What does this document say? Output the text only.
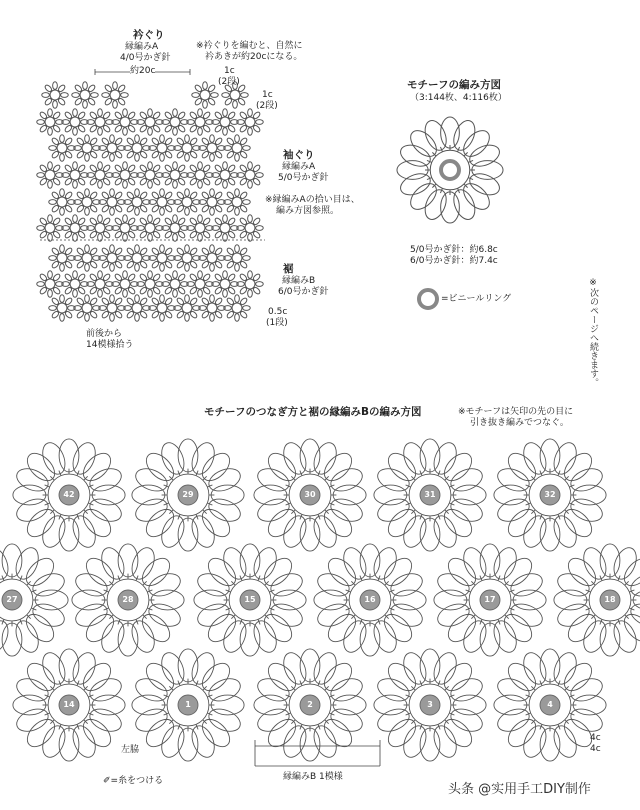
衿ぐり
縁編みA
4/0号かぎ針
※衿ぐりを編むと、自然に
衿あきが約20cになる。
約20c	1c
(2段)
1c
(2段)
袖ぐり
縁編みA
5/0号かぎ針
※縁編みAの拾い目は、
編み方図参照。
裾
縁編みB
6/0号かぎ針
0.5c
(1段)
前後から
14模様拾う
モチーフの編み方図
（3:144枚、4:116枚）
5/0号かぎ針：約6.8c
6/0号かぎ針：約7.4c
=ビニールリング	※次のページへ続きます。
モチーフのつなぎ方と裾の縁編みBの編み方図	※モチーフは矢印の先の目に
引き抜き編みでつなぐ。
左脇
縁編みB 1模様
✐=糸をつける
4c
4c
头条 @实用手工DIY制作
42	29	30	31	32
27	28	15	16	17	18
14	1	2	3	4
